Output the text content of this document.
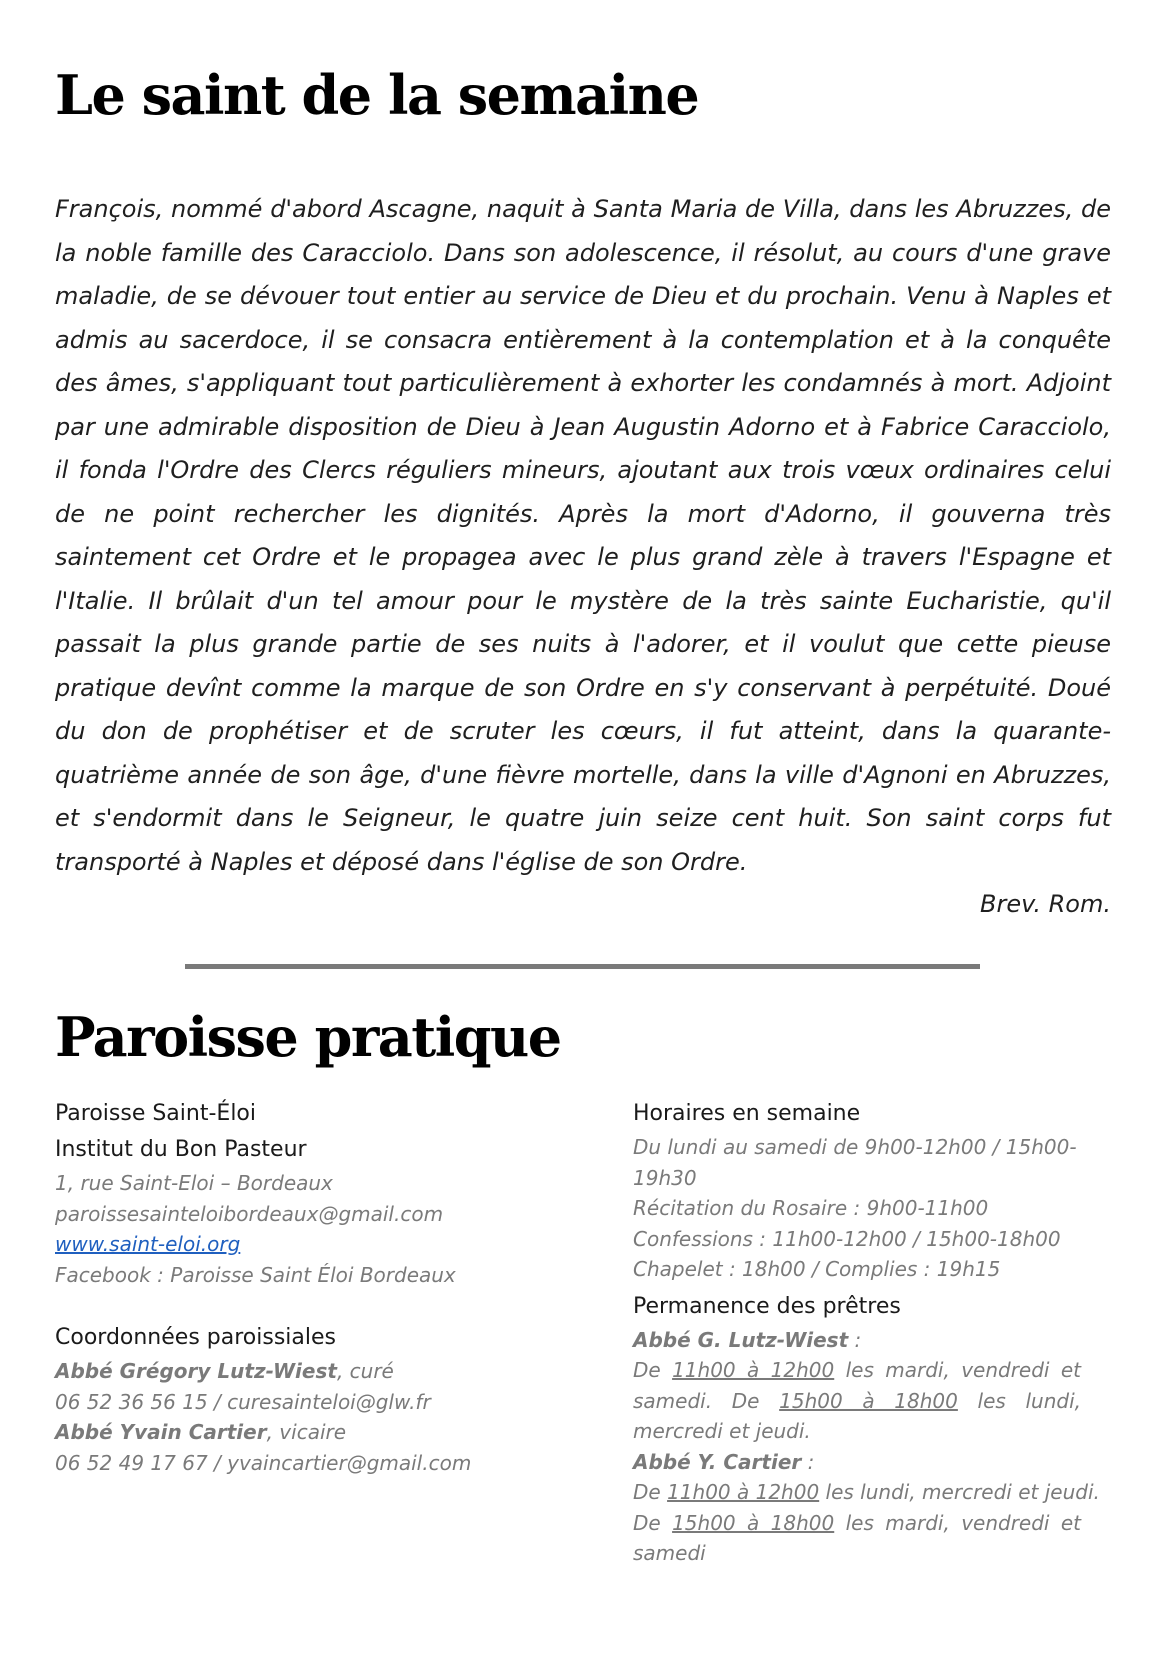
Le saint de la semaine

François, nommé d'abord Ascagne, naquit à Santa Maria de Villa, dans les Abruzzes, de la noble famille des Caracciolo. Dans son adolescence, il résolut, au cours d'une grave maladie, de se dévouer tout entier au service de Dieu et du prochain. Venu à Naples et admis au sacerdoce, il se consacra entièrement à la contemplation et à la conquête des âmes, s'appliquant tout particulièrement à exhorter les condamnés à mort. Adjoint par une admirable disposition de Dieu à Jean Augustin Adorno et à Fabrice Caracciolo, il fonda l'Ordre des Clercs réguliers mineurs, ajoutant aux trois vœux ordinaires celui de ne point rechercher les dignités. Après la mort d'Adorno, il gouverna très saintement cet Ordre et le propagea avec le plus grand zèle à travers l'Espagne et l'Italie. Il brûlait d'un tel amour pour le mystère de la très sainte Eucharistie, qu'il passait la plus grande partie de ses nuits à l'adorer, et il voulut que cette pieuse pratique devînt comme la marque de son Ordre en s'y conservant à perpétuité. Doué du don de prophétiser et de scruter les cœurs, il fut atteint, dans la quarante-quatrième année de son âge, d'une fièvre mortelle, dans la ville d'Agnoni en Abruzzes, et s'endormit dans le Seigneur, le quatre juin seize cent huit. Son saint corps fut transporté à Naples et déposé dans l'église de son Ordre.

Brev. Rom.
Paroisse pratique
Paroisse Saint-Éloi
Institut du Bon Pasteur
1, rue Saint-Eloi – Bordeaux
paroissesainteloibordeaux@gmail.com
www.saint-eloi.org
Facebook : Paroisse Saint Éloi Bordeaux
Coordonnées paroissiales
Abbé Grégory Lutz-Wiest, curé
06 52 36 56 15 / curesainteloi@glw.fr
Abbé Yvain Cartier, vicaire
06 52 49 17 67 / yvaincartier@gmail.com
Horaires en semaine
Du lundi au samedi de 9h00-12h00 / 15h00-
19h30
Récitation du Rosaire : 9h00-11h00
Confessions : 11h00-12h00 / 15h00-18h00
Chapelet : 18h00 / Complies : 19h15
Permanence des prêtres
Abbé G. Lutz-Wiest :
De 11h00 à 12h00 les mardi, vendredi et samedi. De 15h00 à 18h00 les lundi, mercredi et jeudi.
Abbé Y. Cartier :
De 11h00 à 12h00 les lundi, mercredi et jeudi.
De 15h00 à 18h00 les mardi, vendredi et samedi
